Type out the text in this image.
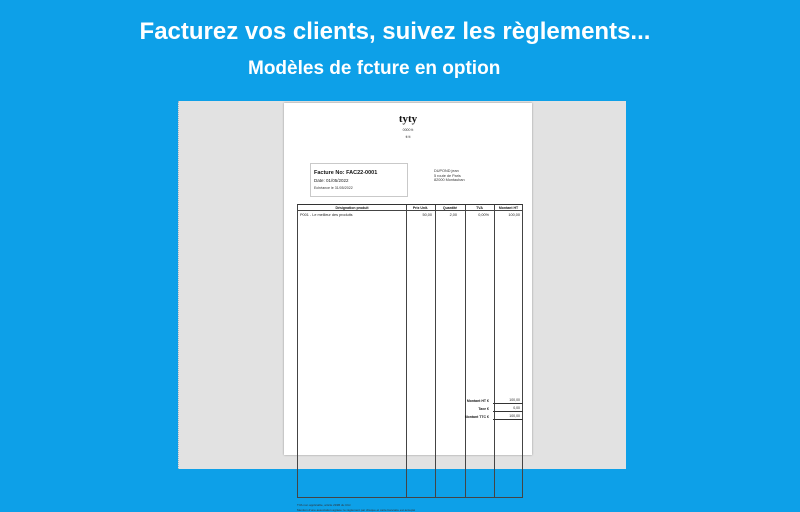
Facturez vos clients, suivez les règlements...
Modèles de fcture en option
tyty
0000 tt
tt tt
Facture No: FAC22-0001
Date: 01/05/2022
Echéance le 31/05/2022
DUPOND jean
5 route de Paris
82000 Montauban
Désignation produit	Prix Unit.	Quantité	TVA	Montant HT
P001 - Le meilleur des produits	50,00	2,00	0,00%	100,00
TVA non applicable, article 293B du CGI
Mention d'une association agréée: le règlement par chèque et carte bancaire est accepté
Montant HT €	100,00
Taxe €	0,00
Montant TTC €	100,00
